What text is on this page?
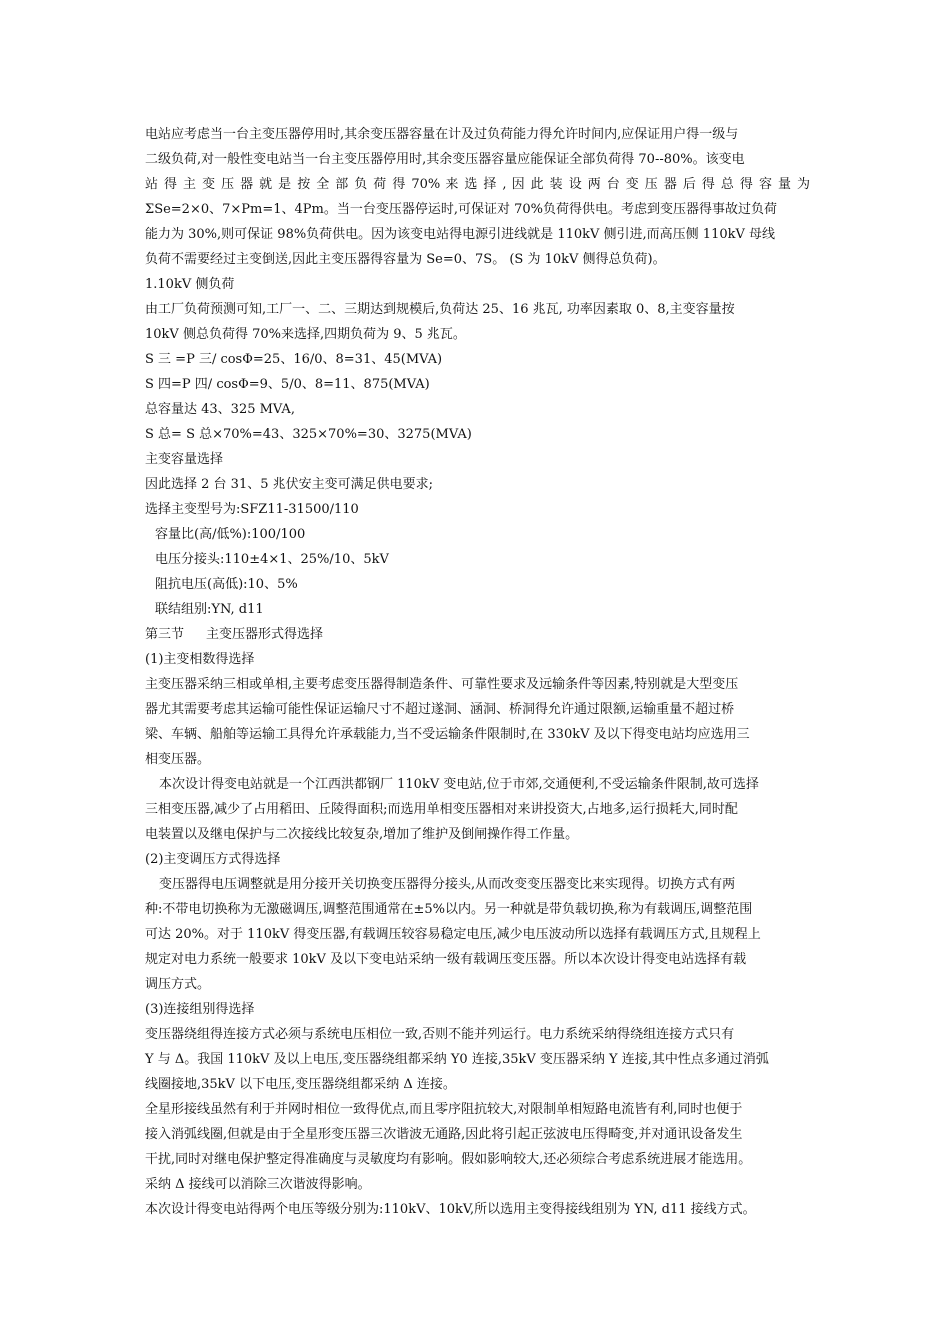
电站应考虑当一台主变压器停用时,其余变压器容量在计及过负荷能力得允许时间内,应保证用户得一级与
二级负荷,对一般性变电站当一台主变压器停用时,其余变压器容量应能保证全部负荷得 70--80%。该变电
站 得 主 变 压 器 就 是 按 全 部 负 荷 得 70% 来 选 择 , 因 此 装 设 两 台 变 压 器 后 得 总 得 容 量 为
ΣSe=2×0、7×Pm=1、4Pm。当一台变压器停运时,可保证对 70%负荷得供电。考虑到变压器得事故过负荷
能力为 30%,则可保证 98%负荷供电。因为该变电站得电源引进线就是 110kV 侧引进,而高压侧 110kV 母线
负荷不需要经过主变倒送,因此主变压器得容量为 Se=0、7S。 (S 为 10kV 侧得总负荷)。

1.10kV 侧负荷

由工厂负荷预测可知,工厂一、二、三期达到规模后,负荷达 25、16 兆瓦, 功率因素取 0、8,主变容量按
10kV 侧总负荷得 70%来选择,四期负荷为 9、5 兆瓦。

S 三 =P 三/ cosΦ=25、16/0、8=31、45(MVA)
S 四=P 四/ cosΦ=9、5/0、8=11、875(MVA)
总容量达 43、325 MVA,
S 总= S 总×70%=43、325×70%=30、3275(MVA)
主变容量选择
因此选择 2 台 31、5 兆伏安主变可满足供电要求;
选择主变型号为:SFZ11-31500/110
容量比(高/低%):100/100
电压分接头:110±4×1、25%/10、5kV
阻抗电压(高低):10、5%
联结组别:YN, d11
第三节 主变压器形式得选择
(1)主变相数得选择

主变压器采纳三相或单相,主要考虑变压器得制造条件、可靠性要求及远输条件等因素,特别就是大型变压
器尤其需要考虑其运输可能性保证运输尺寸不超过遂洞、涵洞、桥洞得允许通过限额,运输重量不超过桥
梁、车辆、船舶等运输工具得允许承载能力,当不受运输条件限制时,在 330kV 及以下得变电站均应选用三
相变压器。

本次设计得变电站就是一个江西洪都钢厂 110kV 变电站,位于市郊,交通便利,不受运输条件限制,故可选择
三相变压器,减少了占用稻田、丘陵得面积;而选用单相变压器相对来讲投资大,占地多,运行损耗大,同时配
电装置以及继电保护与二次接线比较复杂,增加了维护及倒闸操作得工作量。

(2)主变调压方式得选择

变压器得电压调整就是用分接开关切换变压器得分接头,从而改变变压器变比来实现得。切换方式有两
种:不带电切换称为无激磁调压,调整范围通常在±5%以内。另一种就是带负载切换,称为有载调压,调整范围
可达 20%。对于 110kV 得变压器,有载调压较容易稳定电压,减少电压波动所以选择有载调压方式,且规程上
规定对电力系统一般要求 10kV 及以下变电站采纳一级有载调压变压器。所以本次设计得变电站选择有载
调压方式。

(3)连接组别得选择

变压器绕组得连接方式必须与系统电压相位一致,否则不能并列运行。电力系统采纳得绕组连接方式只有
Y 与 Δ。我国 110kV 及以上电压,变压器绕组都采纳 Y0 连接,35kV 变压器采纳 Y 连接,其中性点多通过消弧
线圈接地,35kV 以下电压,变压器绕组都采纳 Δ 连接。

全星形接线虽然有利于并网时相位一致得优点,而且零序阻抗较大,对限制单相短路电流皆有利,同时也便于
接入消弧线圈,但就是由于全星形变压器三次谐波无通路,因此将引起正弦波电压得畸变,并对通讯设备发生
干扰,同时对继电保护整定得准确度与灵敏度均有影响。假如影响较大,还必须综合考虑系统进展才能选用。
采纳 Δ 接线可以消除三次谐波得影响。

本次设计得变电站得两个电压等级分别为:110kV、10kV,所以选用主变得接线组别为 YN, d11 接线方式。
